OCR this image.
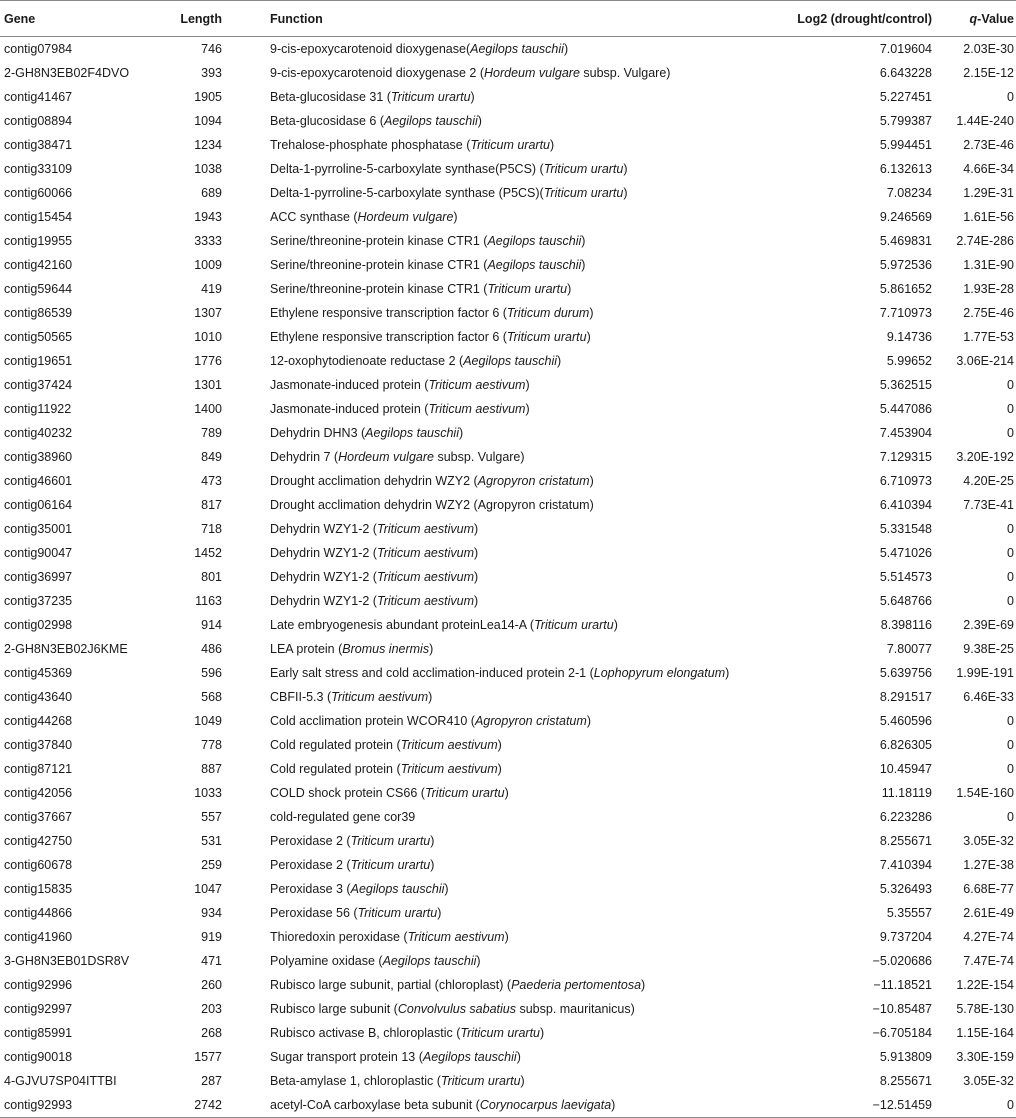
Gene	Length	Function	Log2 (drought/control)	q-Value
contig07984	746	9-cis-epoxycarotenoid dioxygenase(Aegilops tauschii)	7.019604	2.03E-30
2-GH8N3EB02F4DVO	393	9-cis-epoxycarotenoid dioxygenase 2 (Hordeum vulgare subsp. Vulgare)	6.643228	2.15E-12
contig41467	1905	Beta-glucosidase 31 (Triticum urartu)	5.227451	0
contig08894	1094	Beta-glucosidase 6 (Aegilops tauschii)	5.799387	1.44E-240
contig38471	1234	Trehalose-phosphate phosphatase (Triticum urartu)	5.994451	2.73E-46
contig33109	1038	Delta-1-pyrroline-5-carboxylate synthase(P5CS) (Triticum urartu)	6.132613	4.66E-34
contig60066	689	Delta-1-pyrroline-5-carboxylate synthase (P5CS)(Triticum urartu)	7.08234	1.29E-31
contig15454	1943	ACC synthase (Hordeum vulgare)	9.246569	1.61E-56
contig19955	3333	Serine/threonine-protein kinase CTR1 (Aegilops tauschii)	5.469831	2.74E-286
contig42160	1009	Serine/threonine-protein kinase CTR1 (Aegilops tauschii)	5.972536	1.31E-90
contig59644	419	Serine/threonine-protein kinase CTR1 (Triticum urartu)	5.861652	1.93E-28
contig86539	1307	Ethylene responsive transcription factor 6 (Triticum durum)	7.710973	2.75E-46
contig50565	1010	Ethylene responsive transcription factor 6 (Triticum urartu)	9.14736	1.77E-53
contig19651	1776	12-oxophytodienoate reductase 2 (Aegilops tauschii)	5.99652	3.06E-214
contig37424	1301	Jasmonate-induced protein (Triticum aestivum)	5.362515	0
contig11922	1400	Jasmonate-induced protein (Triticum aestivum)	5.447086	0
contig40232	789	Dehydrin DHN3 (Aegilops tauschii)	7.453904	0
contig38960	849	Dehydrin 7 (Hordeum vulgare subsp. Vulgare)	7.129315	3.20E-192
contig46601	473	Drought acclimation dehydrin WZY2 (Agropyron cristatum)	6.710973	4.20E-25
contig06164	817	Drought acclimation dehydrin WZY2 (Agropyron cristatum)	6.410394	7.73E-41
contig35001	718	Dehydrin WZY1-2 (Triticum aestivum)	5.331548	0
contig90047	1452	Dehydrin WZY1-2 (Triticum aestivum)	5.471026	0
contig36997	801	Dehydrin WZY1-2 (Triticum aestivum)	5.514573	0
contig37235	1163	Dehydrin WZY1-2 (Triticum aestivum)	5.648766	0
contig02998	914	Late embryogenesis abundant proteinLea14-A (Triticum urartu)	8.398116	2.39E-69
2-GH8N3EB02J6KME	486	LEA protein (Bromus inermis)	7.80077	9.38E-25
contig45369	596	Early salt stress and cold acclimation-induced protein 2-1 (Lophopyrum elongatum)	5.639756	1.99E-191
contig43640	568	CBFII-5.3 (Triticum aestivum)	8.291517	6.46E-33
contig44268	1049	Cold acclimation protein WCOR410 (Agropyron cristatum)	5.460596	0
contig37840	778	Cold regulated protein (Triticum aestivum)	6.826305	0
contig87121	887	Cold regulated protein (Triticum aestivum)	10.45947	0
contig42056	1033	COLD shock protein CS66 (Triticum urartu)	11.18119	1.54E-160
contig37667	557	cold-regulated gene cor39	6.223286	0
contig42750	531	Peroxidase 2 (Triticum urartu)	8.255671	3.05E-32
contig60678	259	Peroxidase 2 (Triticum urartu)	7.410394	1.27E-38
contig15835	1047	Peroxidase 3 (Aegilops tauschii)	5.326493	6.68E-77
contig44866	934	Peroxidase 56 (Triticum urartu)	5.35557	2.61E-49
contig41960	919	Thioredoxin peroxidase (Triticum aestivum)	9.737204	4.27E-74
3-GH8N3EB01DSR8V	471	Polyamine oxidase (Aegilops tauschii)	−5.020686	7.47E-74
contig92996	260	Rubisco large subunit, partial (chloroplast) (Paederia pertomentosa)	−11.18521	1.22E-154
contig92997	203	Rubisco large subunit (Convolvulus sabatius subsp. mauritanicus)	−10.85487	5.78E-130
contig85991	268	Rubisco activase B, chloroplastic (Triticum urartu)	−6.705184	1.15E-164
contig90018	1577	Sugar transport protein 13 (Aegilops tauschii)	5.913809	3.30E-159
4-GJVU7SP04ITTBI	287	Beta-amylase 1, chloroplastic (Triticum urartu)	8.255671	3.05E-32
contig92993	2742	acetyl-CoA carboxylase beta subunit (Corynocarpus laevigata)	−12.51459	0
